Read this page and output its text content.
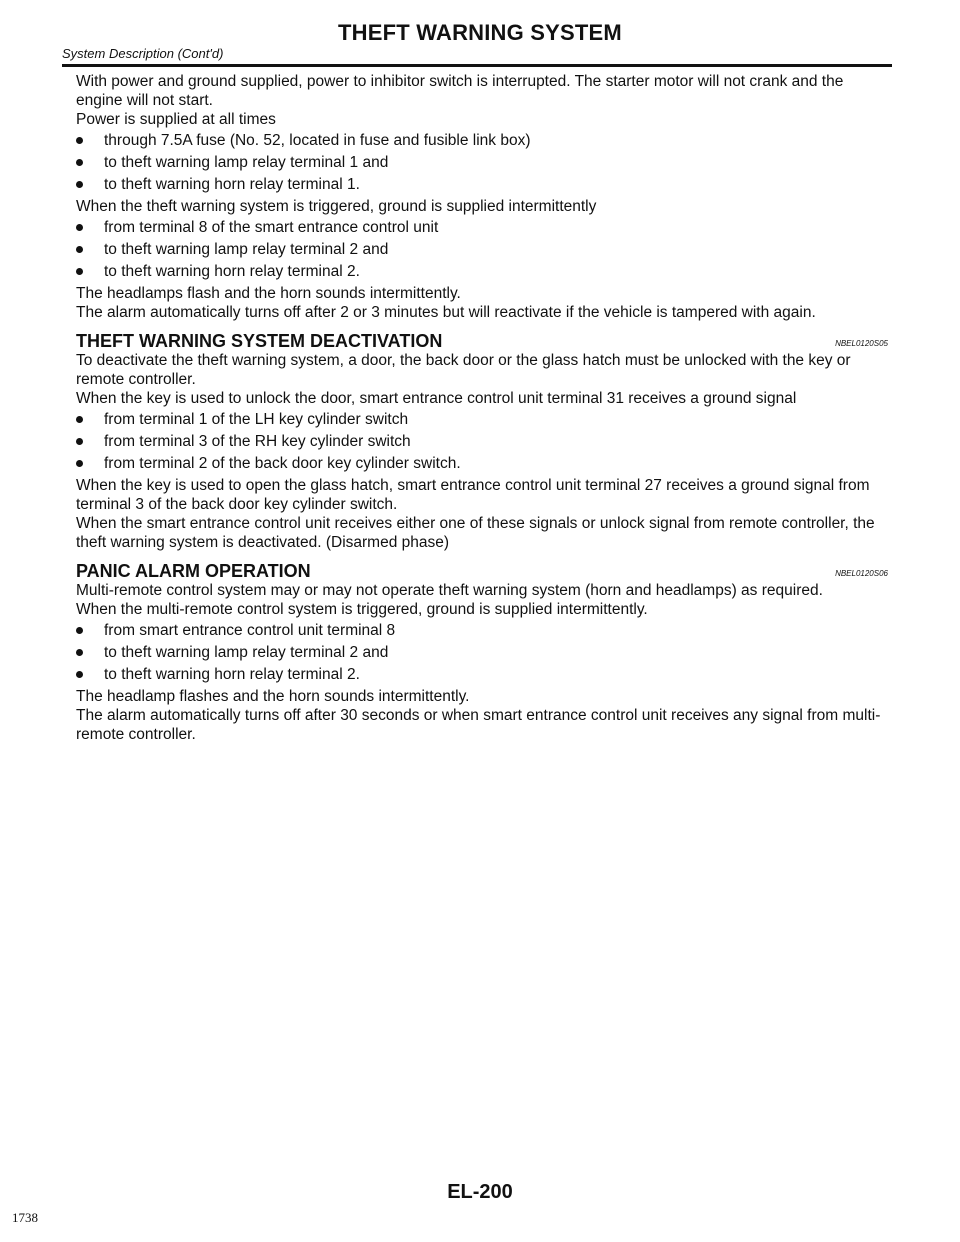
THEFT WARNING SYSTEM
System Description (Cont'd)

With power and ground supplied, power to inhibitor switch is interrupted. The starter motor will not crank and the engine will not start.

Power is supplied at all times

through 7.5A fuse (No. 52, located in fuse and fusible link box)
to theft warning lamp relay terminal 1 and
to theft warning horn relay terminal 1.

When the theft warning system is triggered, ground is supplied intermittently

from terminal 8 of the smart entrance control unit
to theft warning lamp relay terminal 2 and
to theft warning horn relay terminal 2.

The headlamps flash and the horn sounds intermittently.

The alarm automatically turns off after 2 or 3 minutes but will reactivate if the vehicle is tampered with again.

THEFT WARNING SYSTEM DEACTIVATION	NBEL0120S05

To deactivate the theft warning system, a door, the back door or the glass hatch must be unlocked with the key or remote controller.

When the key is used to unlock the door, smart entrance control unit terminal 31 receives a ground signal

from terminal 1 of the LH key cylinder switch
from terminal 3 of the RH key cylinder switch
from terminal 2 of the back door key cylinder switch.

When the key is used to open the glass hatch, smart entrance control unit terminal 27 receives a ground signal from terminal 3 of the back door key cylinder switch.

When the smart entrance control unit receives either one of these signals or unlock signal from remote controller, the theft warning system is deactivated. (Disarmed phase)

PANIC ALARM OPERATION	NBEL0120S06

Multi-remote control system may or may not operate theft warning system (horn and headlamps) as required.

When the multi-remote control system is triggered, ground is supplied intermittently.

from smart entrance control unit terminal 8
to theft warning lamp relay terminal 2 and
to theft warning horn relay terminal 2.

The headlamp flashes and the horn sounds intermittently.

The alarm automatically turns off after 30 seconds or when smart entrance control unit receives any signal from multi-remote controller.

EL-200
1738
